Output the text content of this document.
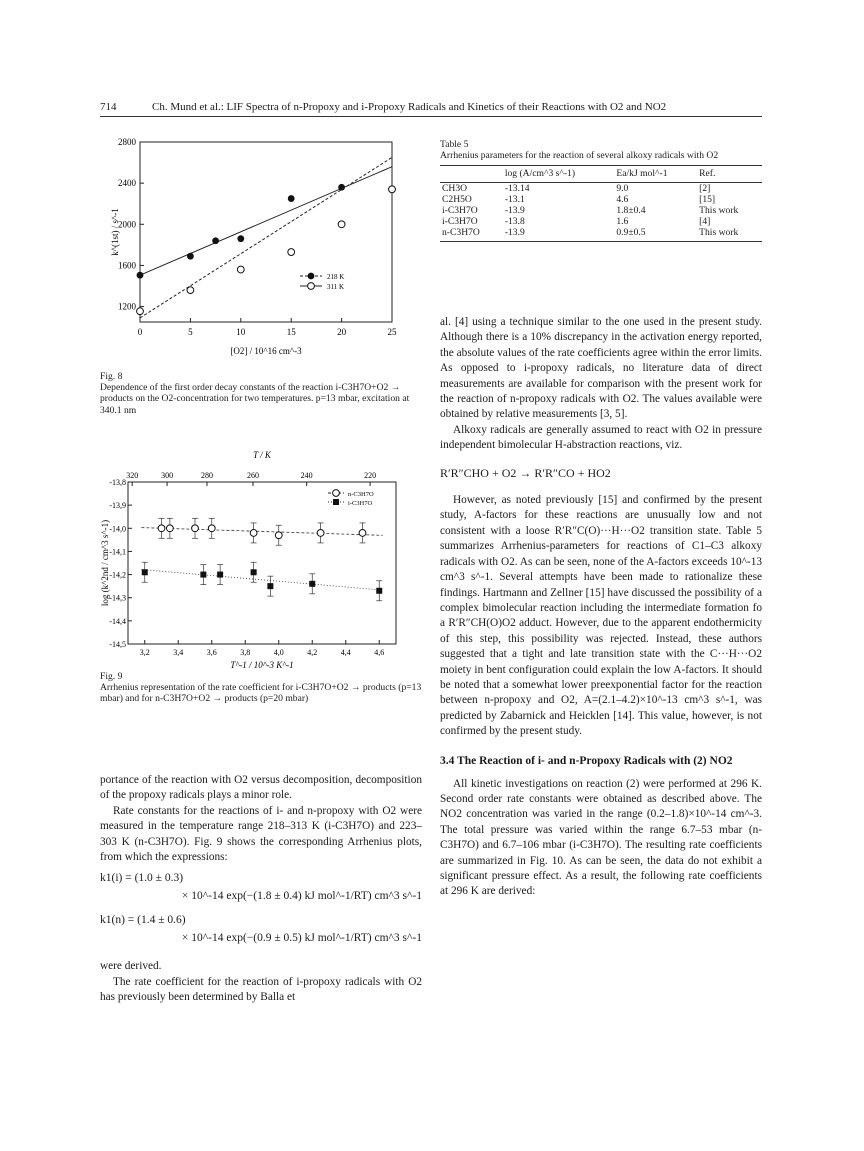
714	Ch. Mund et al.: LIF Spectra of n-Propoxy and i-Propoxy Radicals and Kinetics of their Reactions with O2 and NO2
0	5	10	15	20	25
1200
1600
2000
2400
2800
[O2] / 10^16 cm^-3
k^(1st) / s^-1
218 K
311 K
Fig. 8
Dependence of the first order decay constants of the reaction i-C3H7O+O2 → products on the O2-concentration for two temperatures. p=13 mbar, excitation at 340.1 nm
T / K
320	300	280	260	240	220
3,2	3,4	3,6	3,8	4,0	4,2	4,4	4,6
-13,8
-13,9
-14,0
-14,1
-14,2
-14,3
-14,4
-14,5
T^-1 / 10^-3 K^-1
log (k^2nd / cm^3 s^-1)
n-C3H7O
i-C3H7O
Fig. 9
Arrhenius representation of the rate coefficient for i-C3H7O+O2 → products (p=13 mbar) and for n-C3H7O+O2 → products (p=20 mbar)

portance of the reaction with O2 versus decomposition, decomposition of the propoxy radicals plays a minor role.

Rate constants for the reactions of i- and n-propoxy with O2 were measured in the temperature range 218–313 K (i-C3H7O) and 223–303 K (n-C3H7O). Fig. 9 shows the corresponding Arrhenius plots, from which the expressions:

k1(i) = (1.0 ± 0.3)
× 10^-14 exp(−(1.8 ± 0.4) kJ mol^-1/RT) cm^3 s^-1
k1(n) = (1.4 ± 0.6)
× 10^-14 exp(−(0.9 ± 0.5) kJ mol^-1/RT) cm^3 s^-1

were derived.

The rate coefficient for the reaction of i-propoxy radicals with O2 has previously been determined by Balla et

Table 5
Arrhenius parameters for the reaction of several alkoxy radicals with O2
	log (A/cm^3 s^-1)	Ea/kJ mol^-1	Ref.
CH3O	-13.14	9.0	[2]
C2H5O	-13.1	4.6	[15]
i-C3H7O	-13.9	1.8±0.4	This work
i-C3H7O	-13.8	1.6	[4]
n-C3H7O	-13.9	0.9±0.5	This work

al. [4] using a technique similar to the one used in the present study. Although there is a 10% discrepancy in the activation energy reported, the absolute values of the rate coefficients agree within the error limits. As opposed to i-propoxy radicals, no literature data of direct measurements are available for comparison with the present work for the reaction of n-propoxy radicals with O2. The values available were obtained by relative measurements [3, 5].

Alkoxy radicals are generally assumed to react with O2 in pressure independent bimolecular H-abstraction reactions, viz.

R′R″CHO + O2 → R′R″CO + HO2

However, as noted previously [15] and confirmed by the present study, A-factors for these reactions are unusually low and not consistent with a loose R′R″C(O)···H···O2 transition state. Table 5 summarizes Arrhenius-parameters for reactions of C1–C3 alkoxy radicals with O2. As can be seen, none of the A-factors exceeds 10^-13 cm^3 s^-1. Several attempts have been made to rationalize these findings. Hartmann and Zellner [15] have discussed the possibility of a complex bimolecular reaction including the intermediate formation fo a R′R″CH(O)O2 adduct. However, due to the apparent endothermicity of this step, this possibility was rejected. Instead, these authors suggested that a tight and late transition state with the C···H···O2 moiety in bent configuration could explain the low A-factors. It should be noted that a somewhat lower preexponential factor for the reaction between n-propoxy and O2, A=(2.1–4.2)×10^-13 cm^3 s^-1, was predicted by Zabarnick and Heicklen [14]. This value, however, is not confirmed by the present study.

3.4 The Reaction of i- and n-Propoxy Radicals with (2) NO2

All kinetic investigations on reaction (2) were performed at 296 K. Second order rate constants were obtained as described above. The NO2 concentration was varied in the range (0.2–1.8)×10^-14 cm^-3. The total pressure was varied within the range 6.7–53 mbar (n-C3H7O) and 6.7–106 mbar (i-C3H7O). The resulting rate coefficients are summarized in Fig. 10. As can be seen, the data do not exhibit a significant pressure effect. As a result, the following rate coefficients at 296 K are derived:
